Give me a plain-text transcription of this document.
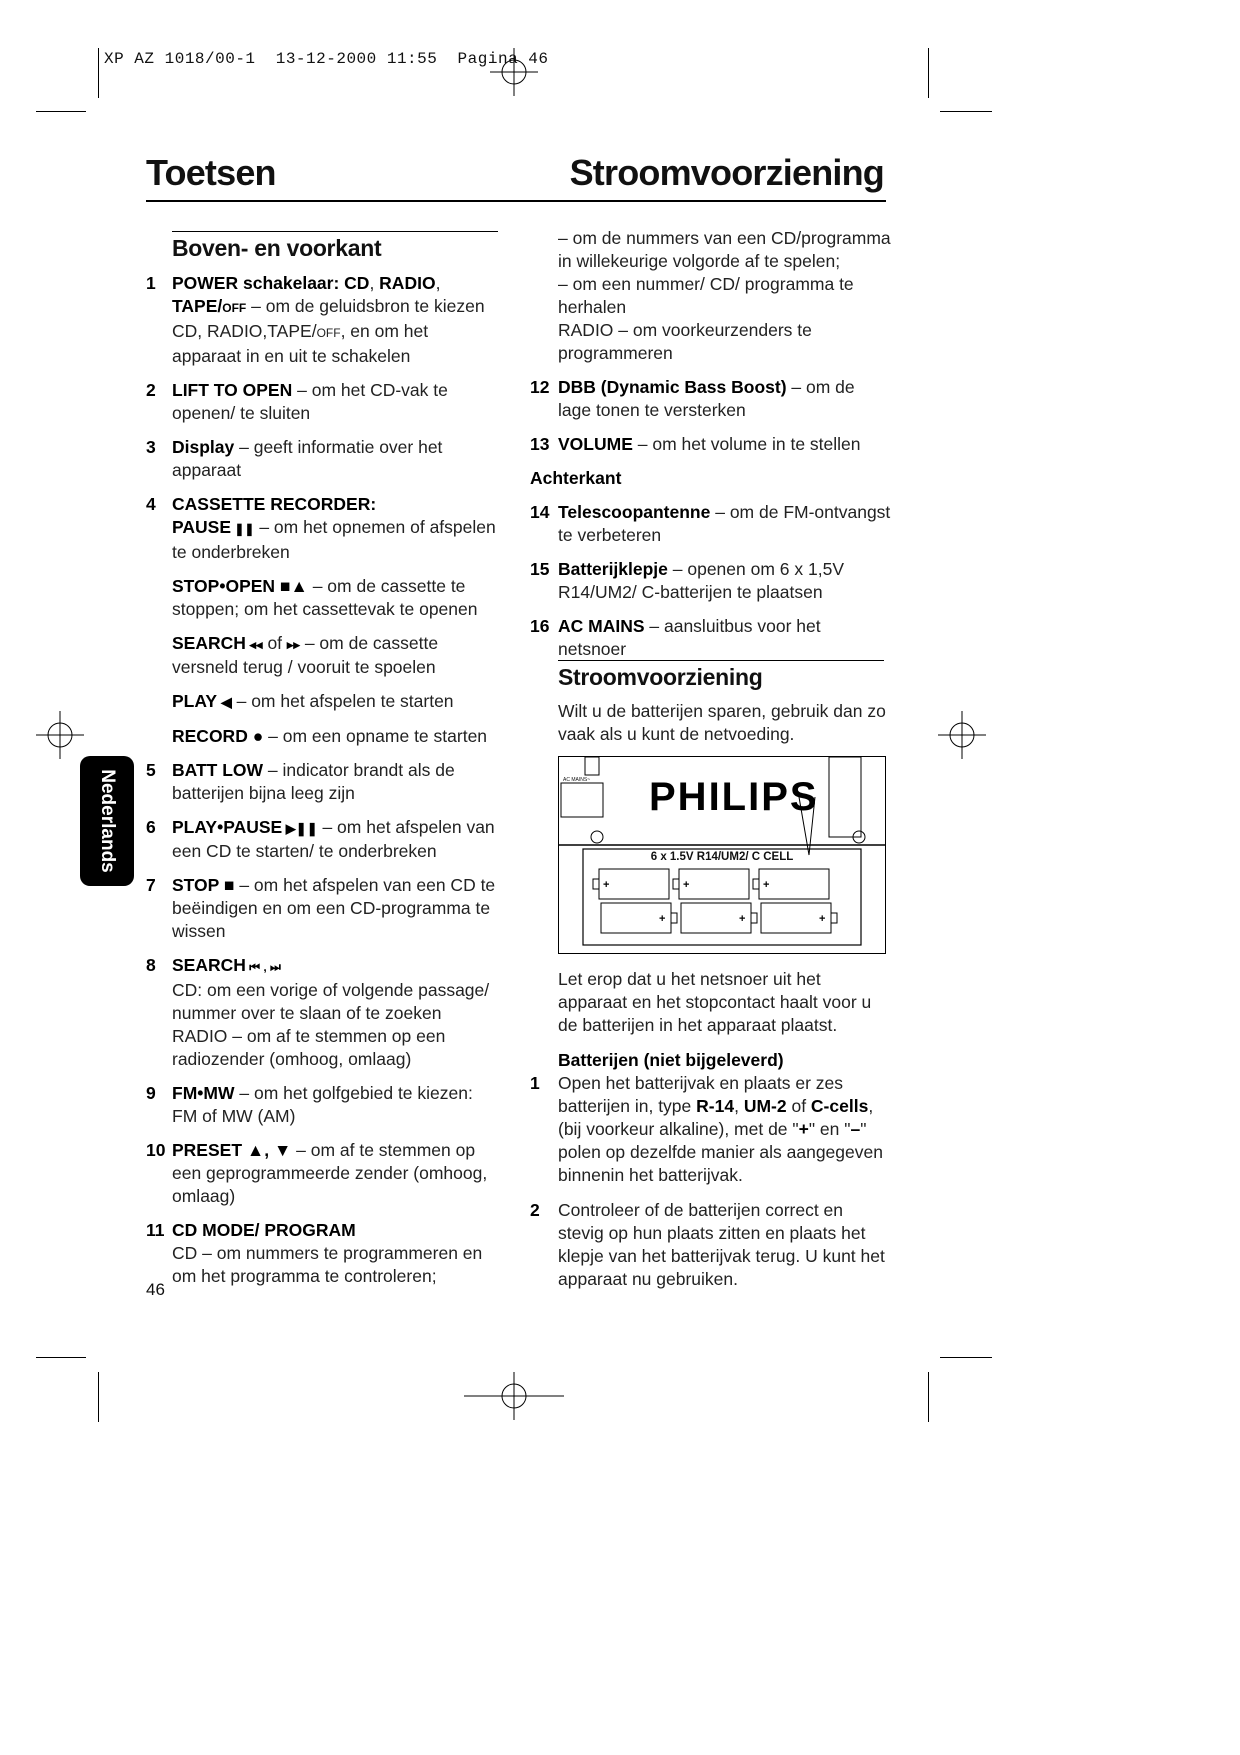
XP AZ 1018/00-1  13-12-2000 11:55  Pagina 46
Toetsen	Stroomvoorziening
Boven- en voorkant
1 POWER schakelaar: CD, RADIO, TAPE/OFF – om de geluidsbron te kiezen CD, RADIO,TAPE/OFF, en om het apparaat in en uit te schakelen
2 LIFT TO OPEN – om het CD-vak te openen/ te sluiten
3 Display – geeft informatie over het apparaat
4 CASSETTE RECORDER:
PAUSE ❚❚ – om het opnemen of afspelen te onderbreken
STOP•OPEN ■▲ – om de cassette te stoppen; om het cassettevak te openen
SEARCH ◂◂ of ▸▸ – om de cassette versneld terug / vooruit te spoelen
PLAY ◀ – om het afspelen te starten
RECORD ● – om een opname te starten
5 BATT LOW – indicator brandt als de batterijen bijna leeg zijn
6 PLAY•PAUSE ▶❚❚ – om het afspelen van een CD te starten/ te onderbreken
7 STOP ■ – om het afspelen van een CD te beëindigen en om een CD-programma te wissen
8 SEARCH ⏮ , ⏭
CD: om een vorige of volgende passage/ nummer over te slaan of te zoeken
RADIO – om af te stemmen op een radiozender (omhoog, omlaag)
9 FM•MW – om het golfgebied te kiezen: FM of MW (AM)
10 PRESET ▲, ▼ – om af te stemmen op een geprogrammeerde zender (omhoog, omlaag)
11 CD MODE/ PROGRAM
CD – om nummers te programmeren en om het programma te controleren;
Nederlands
46
– om de nummers van een CD/programma in willekeurige volgorde af te spelen;
– om een nummer/ CD/ programma te herhalen
RADIO – om voorkeurzenders te programmeren
12 DBB (Dynamic Bass Boost) – om de lage tonen te versterken
13 VOLUME – om het volume in te stellen
Achterkant
14 Telescoopantenne – om de FM-ontvangst te verbeteren
15 Batterijklepje – openen om 6 x 1,5V R14/UM2/ C-batterijen te plaatsen
16 AC MAINS – aansluitbus voor het netsnoer
Stroomvoorziening
Wilt u de batterijen sparen, gebruik dan zo vaak als u kunt de netvoeding.
+	+	+
+	+	+
AC MAINS~ PHILIPS
6 x 1.5V R14/UM2/ C CELL
Let erop dat u het netsnoer uit het apparaat en het stopcontact haalt voor u de batterijen in het apparaat plaatst.
Batterijen (niet bijgeleverd)
1 Open het batterijvak en plaats er zes batterijen in, type R-14, UM-2 of C-cells, (bij voorkeur alkaline), met de "+" en "–" polen op dezelfde manier als aangegeven binnenin het batterijvak.
2 Controleer of de batterijen correct en stevig op hun plaats zitten en plaats het klepje van het batterijvak terug. U kunt het apparaat nu gebruiken.
